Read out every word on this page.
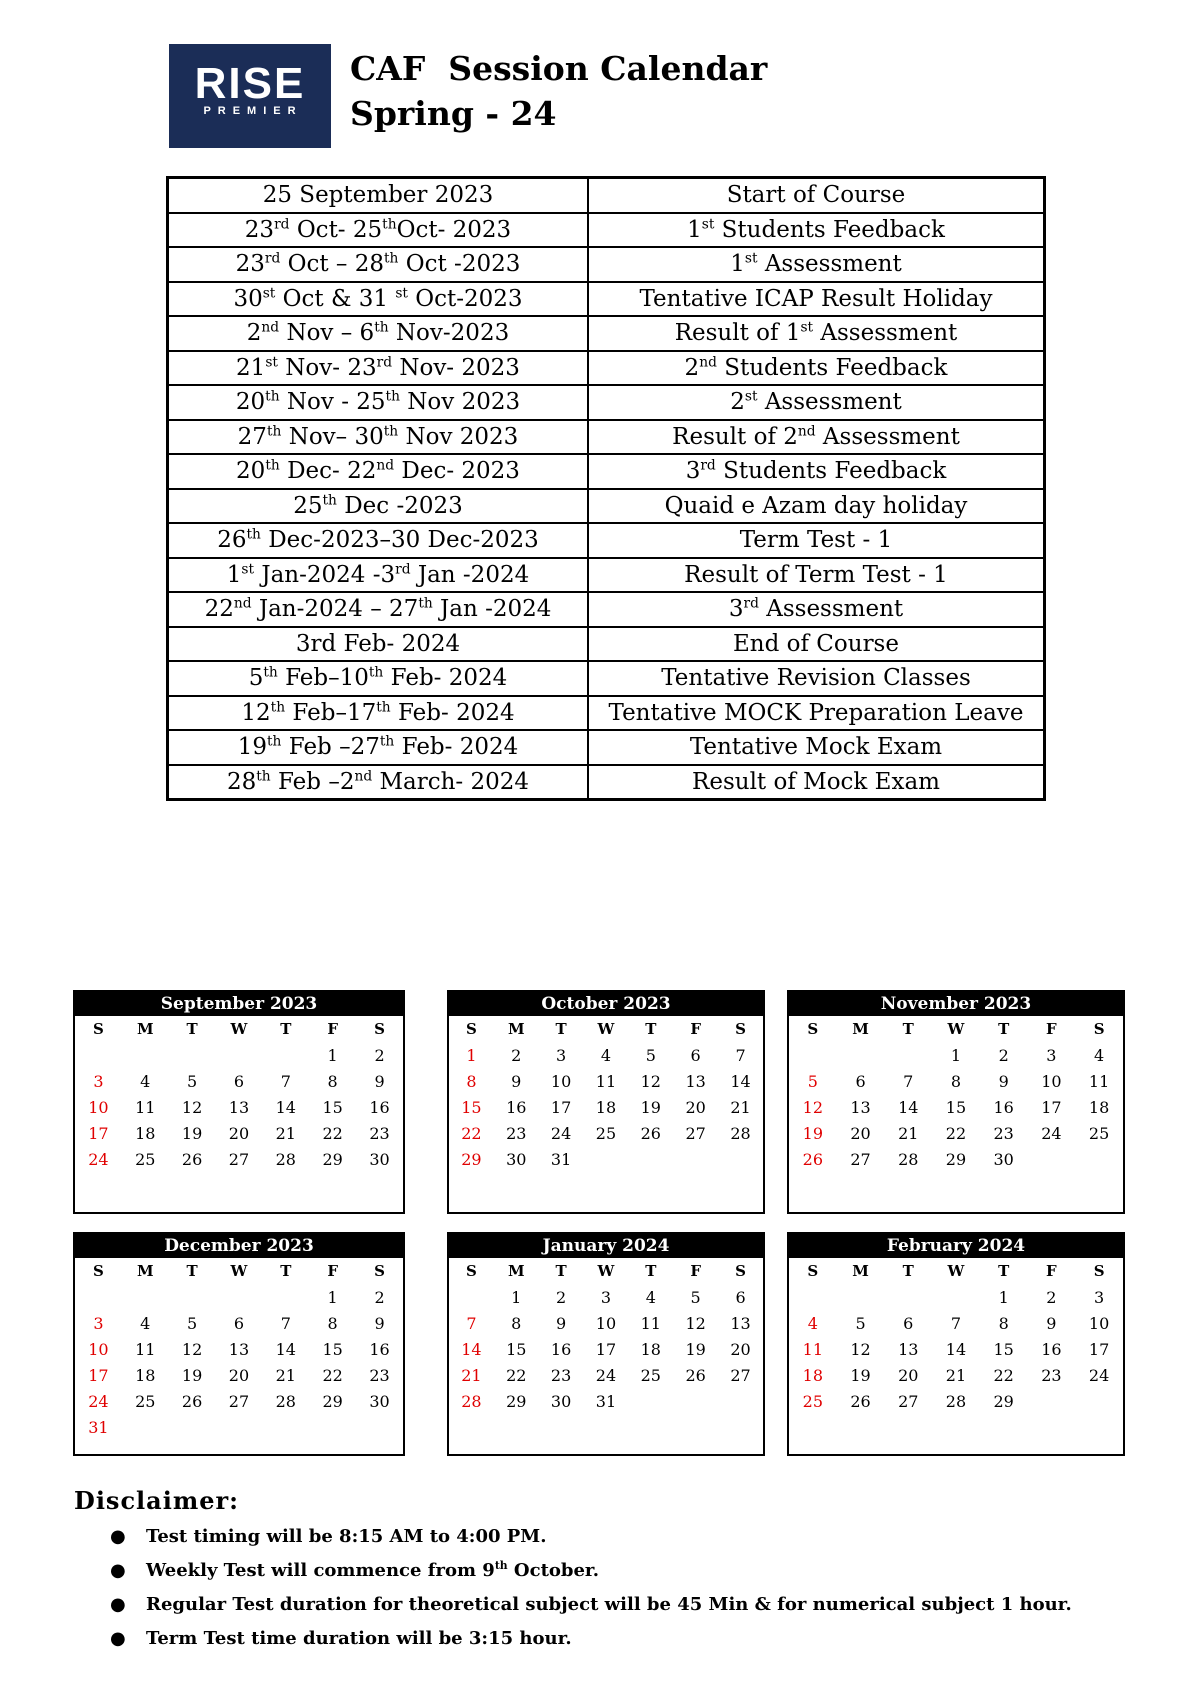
RISE
PREMIER
CAF  Session Calendar
Spring - 24
25 September 2023	Start of Course
23rd Oct- 25thOct- 2023	1st Students Feedback
23rd Oct – 28th Oct -2023	1st Assessment
30st Oct & 31 $^{st}$ Oct-2023	Tentative ICAP Result Holiday
2nd Nov – 6th Nov-2023	Result of 1st Assessment
21st Nov- 23rd Nov- 2023	2nd Students Feedback
20th Nov - 25th Nov 2023	2st Assessment
27th Nov– 30th Nov 2023	Result of 2nd Assessment
20th Dec- 22nd Dec- 2023	3rd Students Feedback
25th Dec -2023	Quaid e Azam day holiday
26th Dec-2023–30 Dec-2023	Term Test - 1
1st Jan-2024 -3rd Jan -2024	Result of Term Test - 1
22nd Jan-2024 – 27th Jan -2024	3rd Assessment
3rd Feb- 2024	End of Course
5th Feb–10th Feb- 2024	Tentative Revision Classes
12th Feb–17th Feb- 2024	Tentative MOCK Preparation Leave
19th Feb –27th Feb- 2024	Tentative Mock Exam
28th Feb –2nd March- 2024	Result of Mock Exam
September 2023
S	M	T	W	T	F	S
					1	2
3	4	5	6	7	8	9
10	11	12	13	14	15	16
17	18	19	20	21	22	23
24	25	26	27	28	29	30
October 2023
S	M	T	W	T	F	S
1	2	3	4	5	6	7
8	9	10	11	12	13	14
15	16	17	18	19	20	21
22	23	24	25	26	27	28
29	30	31				
November 2023
S	M	T	W	T	F	S
			1	2	3	4
5	6	7	8	9	10	11
12	13	14	15	16	17	18
19	20	21	22	23	24	25
26	27	28	29	30		
December 2023
S	M	T	W	T	F	S
					1	2
3	4	5	6	7	8	9
10	11	12	13	14	15	16
17	18	19	20	21	22	23
24	25	26	27	28	29	30
31						
January 2024
S	M	T	W	T	F	S
	1	2	3	4	5	6
7	8	9	10	11	12	13
14	15	16	17	18	19	20
21	22	23	24	25	26	27
28	29	30	31			
February 2024
S	M	T	W	T	F	S
				1	2	3
4	5	6	7	8	9	10
11	12	13	14	15	16	17
18	19	20	21	22	23	24
25	26	27	28	29		
Disclaimer:
● Test timing will be 8:15 AM to 4:00 PM.
● Weekly Test will commence from 9th October.
● Regular Test duration for theoretical subject will be 45 Min & for numerical subject 1 hour.
● Term Test time duration will be 3:15 hour.
